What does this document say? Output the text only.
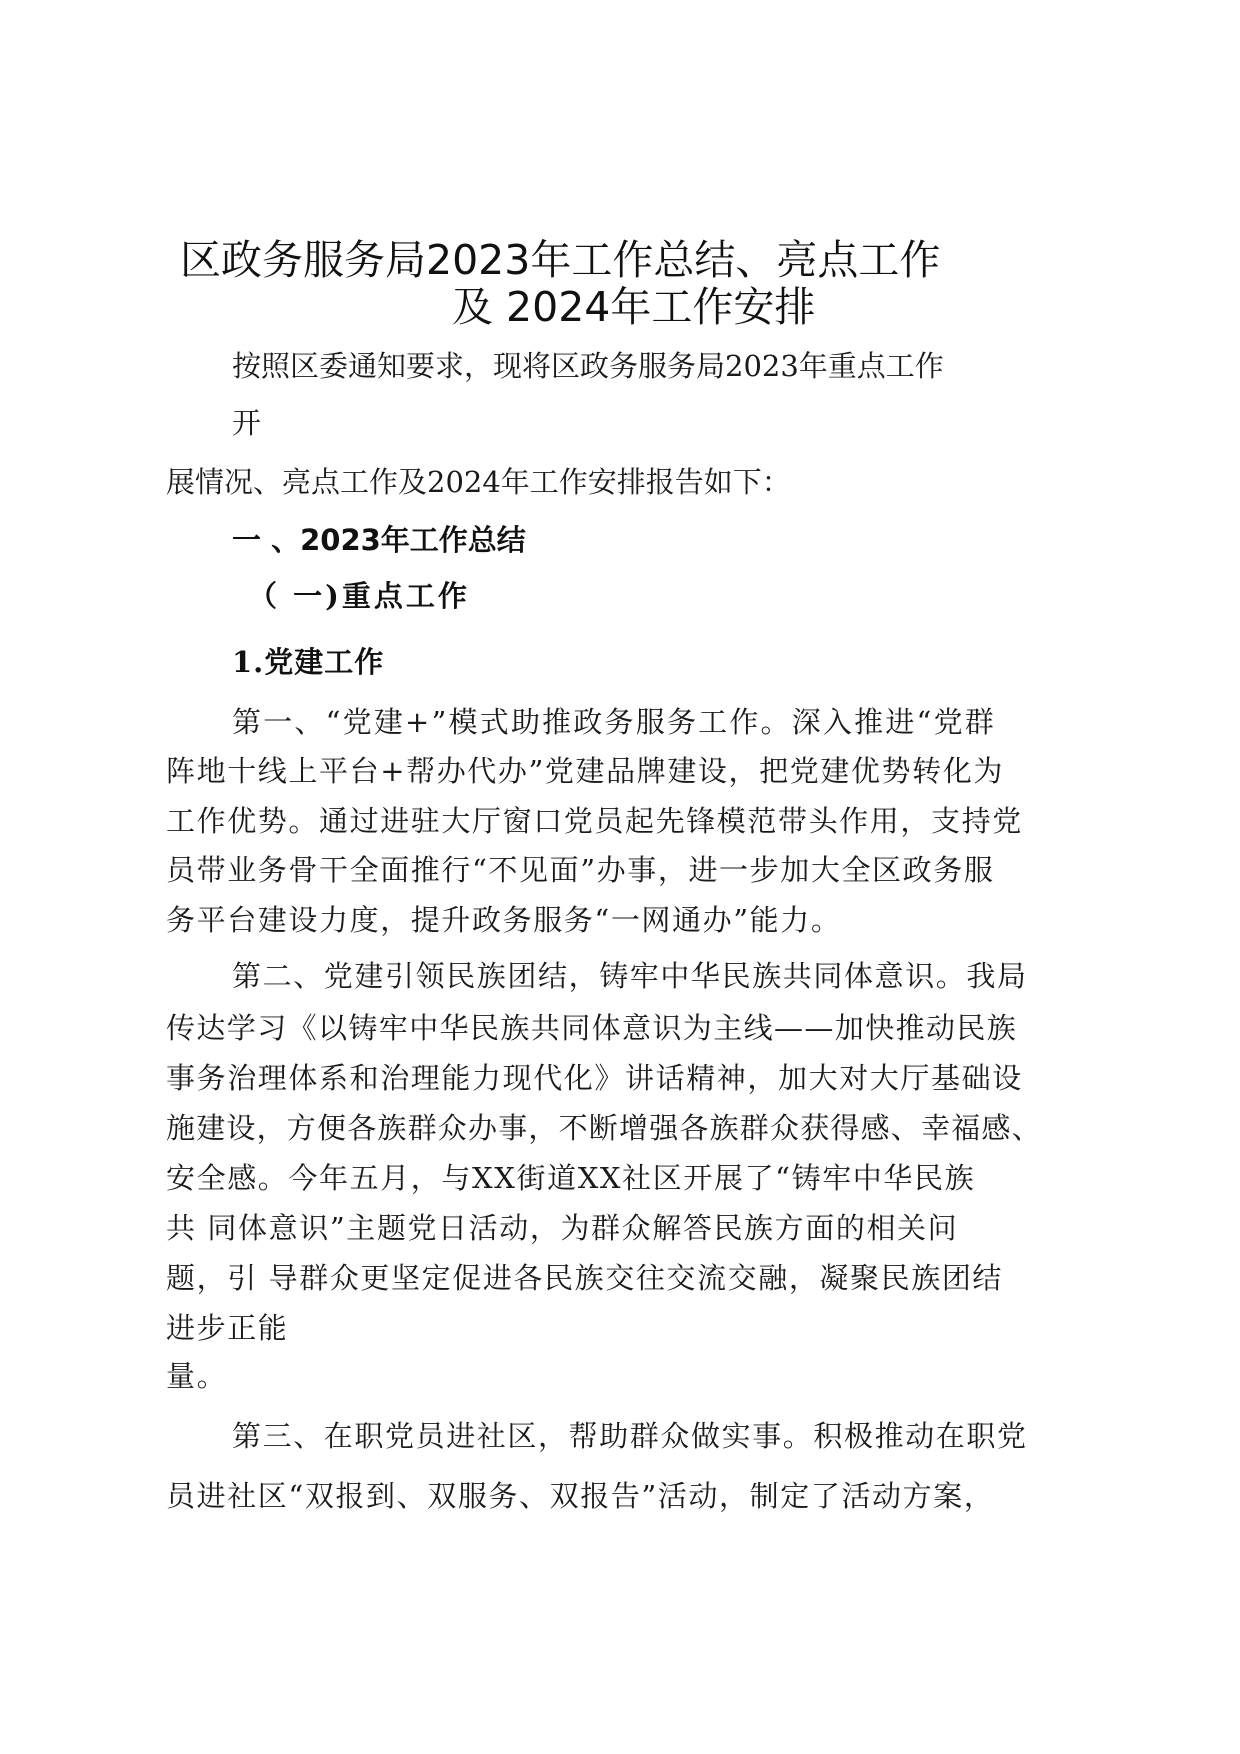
区政务服务局2023年工作总结、亮点工作
及 2024年工作安排
按照区委通知要求，现将区政务服务局2023年重点工作
开
展情况、亮点工作及2024年工作安排报告如下：
一 、2023年工作总结
（ 一)重点工作
1.党建工作
第一、“党建+”模式助推政务服务工作。深入推进“党群
阵地十线上平台+帮办代办”党建品牌建设，把党建优势转化为
工作优势。通过进驻大厅窗口党员起先锋模范带头作用，支持党
员带业务骨干全面推行“不见面”办事，进一步加大全区政务服
务平台建设力度，提升政务服务“一网通办”能力。
第二、党建引领民族团结，铸牢中华民族共同体意识。我局
传达学习《以铸牢中华民族共同体意识为主线——加快推动民族
事务治理体系和治理能力现代化》讲话精神，加大对大厅基础设
施建设，方便各族群众办事，不断增强各族群众获得感、幸福感、
安全感。今年五月，与XX街道XX社区开展了“铸牢中华民族
共 同体意识”主题党日活动，为群众解答民族方面的相关问
题，引 导群众更坚定促进各民族交往交流交融，凝聚民族团结
进步正能
量。
第三、在职党员进社区，帮助群众做实事。积极推动在职党
员进社区“双报到、双服务、双报告”活动，制定了活动方案，
